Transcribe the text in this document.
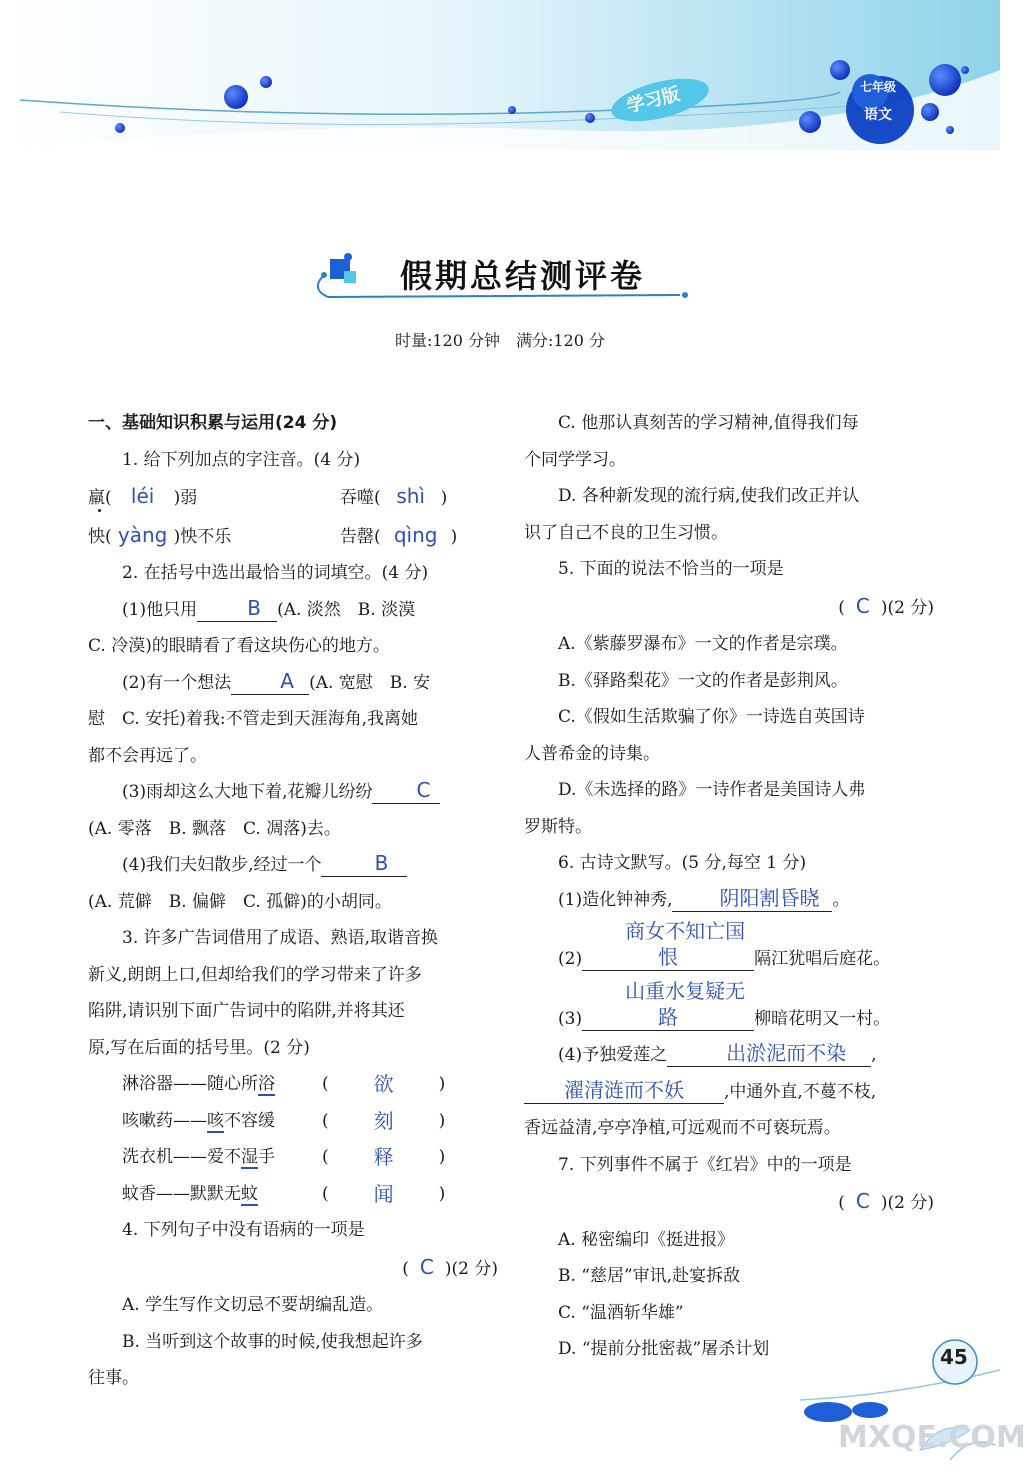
学习版	七年级
语文
假期总结测评卷
时量:120 分钟　满分:120 分

一、基础知识积累与运用(24 分)

1. 给下列加点的字注音。(4 分)

羸( léi )弱	吞噬( shì )
怏( yàng )怏不乐	告罄( qìng )

2. 在括号中选出最恰当的词填空。(4 分)

(1)他只用	B (A. 淡然　B. 淡漠

C. 冷漠)的眼睛看了看这块伤心的地方。

(2)有一个想法 A (A. 宽慰　B. 安

慰　C. 安托)着我:不管走到天涯海角,我离她

都不会再远了。

(3)雨却这么大地下着,花瓣儿纷纷 C

(A. 零落　B. 飘落　C. 凋落)去。

(4)我们夫妇散步,经过一个	B

(A. 荒僻　B. 偏僻　C. 孤僻)的小胡同。

3. 许多广告词借用了成语、熟语,取谐音换

新义,朗朗上口,但却给我们的学习带来了许多

陷阱,请识别下面广告词中的陷阱,并将其还

原,写在后面的括号里。(2 分)

淋浴器——随心所浴	(	欲	)
咳嗽药——咳不容缓	(	刻	)
洗衣机——爱不湿手	(	释	)
蚊香——默默无蚊	(	闻	)

4. 下列句子中没有语病的一项是

( C )(2 分)

A. 学生写作文切忌不要胡编乱造。

B. 当听到这个故事的时候,使我想起许多

往事。

C. 他那认真刻苦的学习精神,值得我们每

个同学学习。

D. 各种新发现的流行病,使我们改正并认

识了自己不良的卫生习惯。

5. 下面的说法不恰当的一项是

( C )(2 分)

A.《紫藤罗瀑布》一文的作者是宗璞。

B.《驿路梨花》一文的作者是彭荆风。

C.《假如生活欺骗了你》一诗选自英国诗

人普希金的诗集。

D.《未选择的路》一诗作者是美国诗人弗

罗斯特。

6. 古诗文默写。(5 分,每空 1 分)

(1)造化钟神秀, 阴阳割昏晓 。

(2)商女不知亡国恨	隔江犹唱后庭花。

(3)山重水复疑无路	柳暗花明又一村。

(4)予独爱莲之	出淤泥而不染 ,

濯清涟而不妖 ,中通外直,不蔓不枝,

香远益清,亭亭净植,可远观而不可亵玩焉。

7. 下列事件不属于《红岩》中的一项是

( C )(2 分)

A. 秘密编印《挺进报》

B. “慈居”审讯,赴宴拆敌

C. “温酒斩华雄”

D. “提前分批密裁”屠杀计划	45
MXQE.COM
